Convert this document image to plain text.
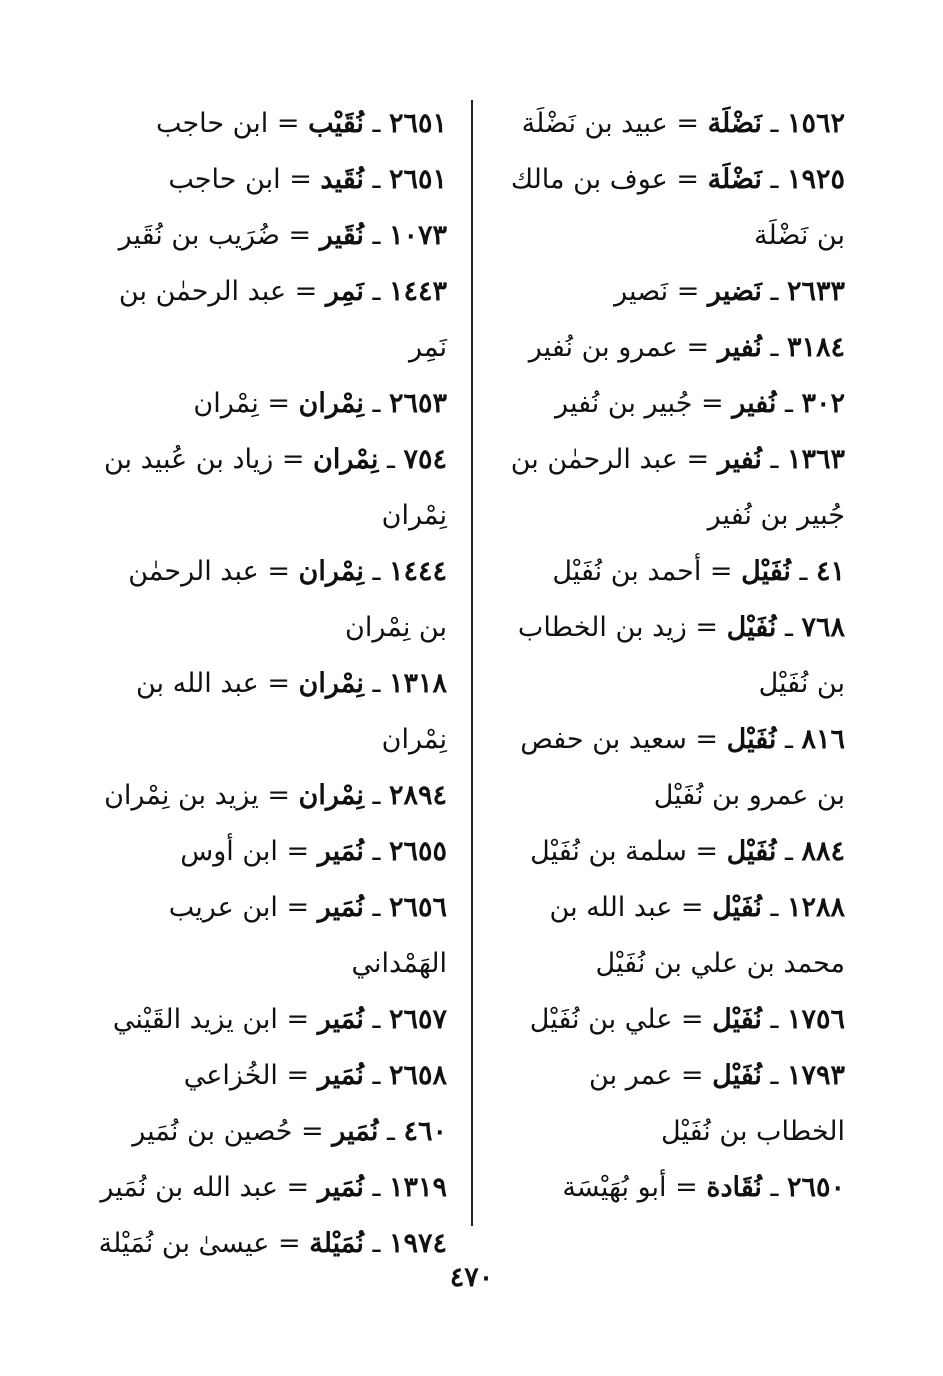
١٥٦٢ ـ نَضْلَة = عبيد بن نَضْلَة

١٩٢٥ ـ نَضْلَة = عوف بن مالك بن نَضْلَة

٢٦٣٣ ـ نَضير = نَصير

٣١٨٤ ـ نُفير = عمرو بن نُفير

٣٠٢ ـ نُفير = جُبير بن نُفير

١٣٦٣ ـ نُفير = عبد الرحمٰن بن جُبير بن نُفير

٤١ ـ نُفَيْل = أحمد بن نُفَيْل

٧٦٨ ـ نُفَيْل = زيد بن الخطاب بن نُفَيْل

٨١٦ ـ نُفَيْل = سعيد بن حفص بن عمرو بن نُفَيْل

٨٨٤ ـ نُفَيْل = سلمة بن نُفَيْل

١٢٨٨ ـ نُفَيْل = عبد الله بن محمد بن علي بن نُفَيْل

١٧٥٦ ـ نُفَيْل = علي بن نُفَيْل

١٧٩٣ ـ نُفَيْل = عمر بن الخطاب بن نُفَيْل

٢٦٥٠ ـ نُقَادة = أبو بُهَيْسَة

٢٦٥١ ـ نُقَيْب = ابن حاجب

٢٦٥١ ـ نُقَيد = ابن حاجب

١٠٧٣ ـ نُقَير = ضُرَيب بن نُقَير

١٤٤٣ ـ نَمِر = عبد الرحمٰن بن نَمِر

٢٦٥٣ ـ نِمْران = نِمْران

٧٥٤ ـ نِمْران = زياد بن عُبيد بن نِمْران

١٤٤٤ ـ نِمْران = عبد الرحمٰن بن نِمْران

١٣١٨ ـ نِمْران = عبد الله بن نِمْران

٢٨٩٤ ـ نِمْران = يزيد بن نِمْران

٢٦٥٥ ـ نُمَير = ابن أوس

٢٦٥٦ ـ نُمَير = ابن عريب الهَمْداني

٢٦٥٧ ـ نُمَير = ابن يزيد القَيْني

٢٦٥٨ ـ نُمَير = الخُزاعي

٤٦٠ ـ نُمَير = حُصين بن نُمَير

١٣١٩ ـ نُمَير = عبد الله بن نُمَير

١٩٧٤ ـ نُمَيْلة = عيسىٰ بن نُمَيْلة

٤٧٠
